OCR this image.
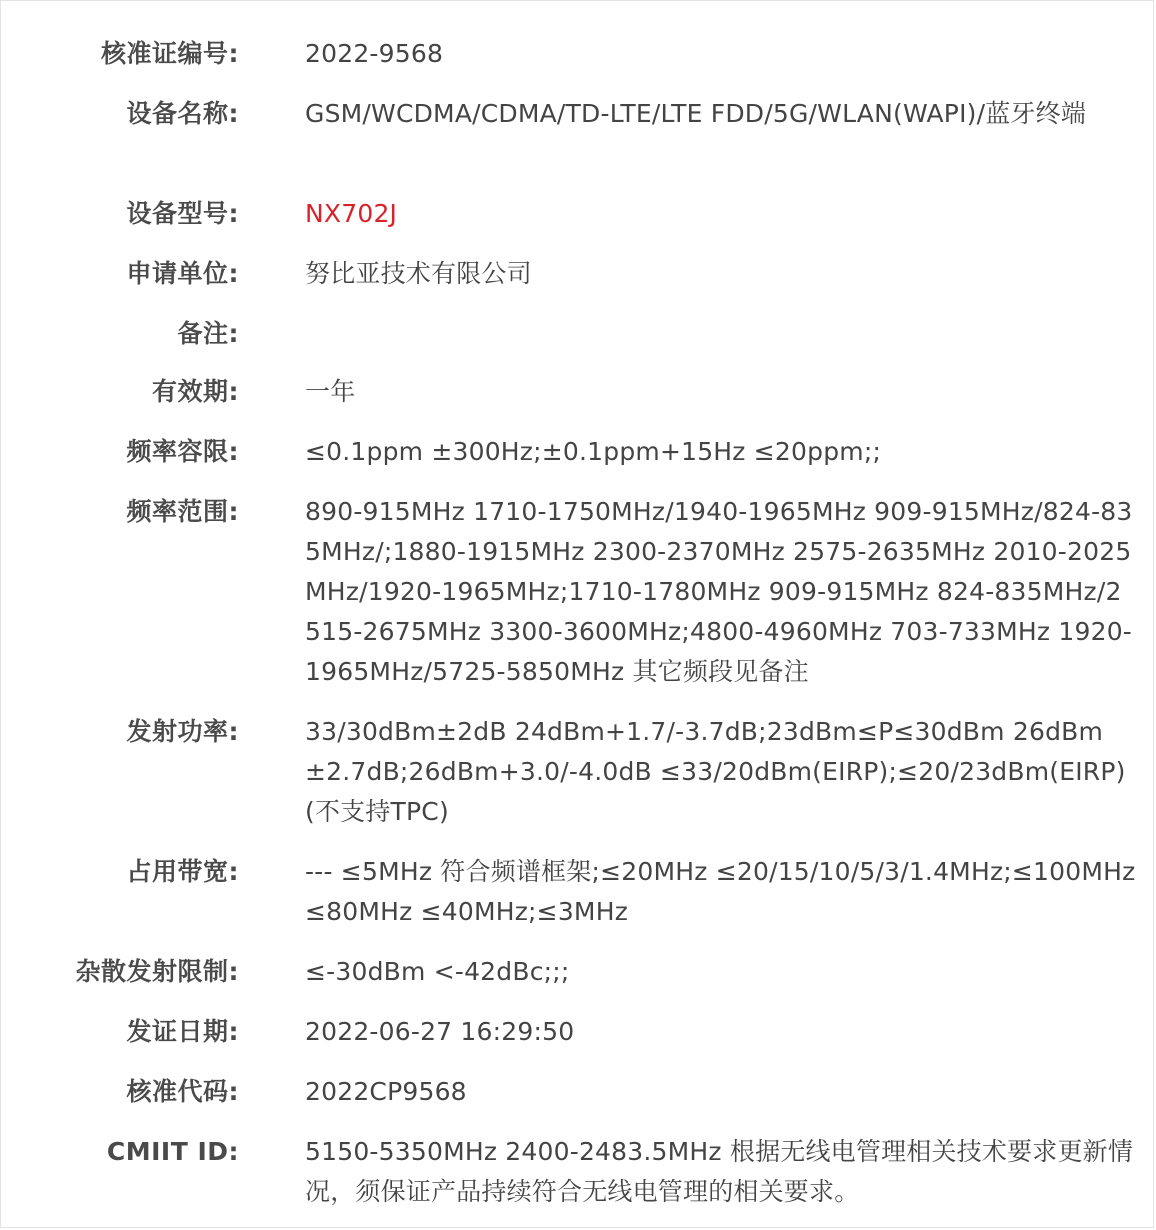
核准证编号:	2022-9568
设备名称:	GSM/WCDMA/CDMA/TD-LTE/LTE FDD/5G/WLAN(WAPI)/蓝牙终端
设备型号:	NX702J
申请单位:	努比亚技术有限公司
备注:
有效期:	一年
频率容限:	≤0.1ppm ±300Hz;±0.1ppm+15Hz ≤20ppm;;
频率范围:	890-915MHz 1710-1750MHz/1940-1965MHz 909-915MHz/824-835MHz/;1880-1915MHz 2300-2370MHz 2575-2635MHz 2010-2025MHz/1920-1965MHz;1710-1780MHz 909-915MHz 824-835MHz/2515-2675MHz 3300-3600MHz;4800-4960MHz 703-733MHz 1920-1965MHz/5725-5850MHz 其它频段见备注
发射功率:	33/30dBm±2dB 24dBm+1.7/-3.7dB;23dBm≤P≤30dBm 26dBm±2.7dB;26dBm+3.0/-4.0dB ≤33/20dBm(EIRP);≤20/23dBm(EIRP)(不支持TPC)
占用带宽:	--- ≤5MHz 符合频谱框架;≤20MHz ≤20/15/10/5/3/1.4MHz;≤100MHz ≤80MHz ≤40MHz;≤3MHz
杂散发射限制:	≤-30dBm <-42dBc;;;
发证日期:	2022-06-27 16:29:50
核准代码:	2022CP9568
CMIIT ID:	5150-5350MHz 2400-2483.5MHz 根据无线电管理相关技术要求更新情况，须保证产品持续符合无线电管理的相关要求。
